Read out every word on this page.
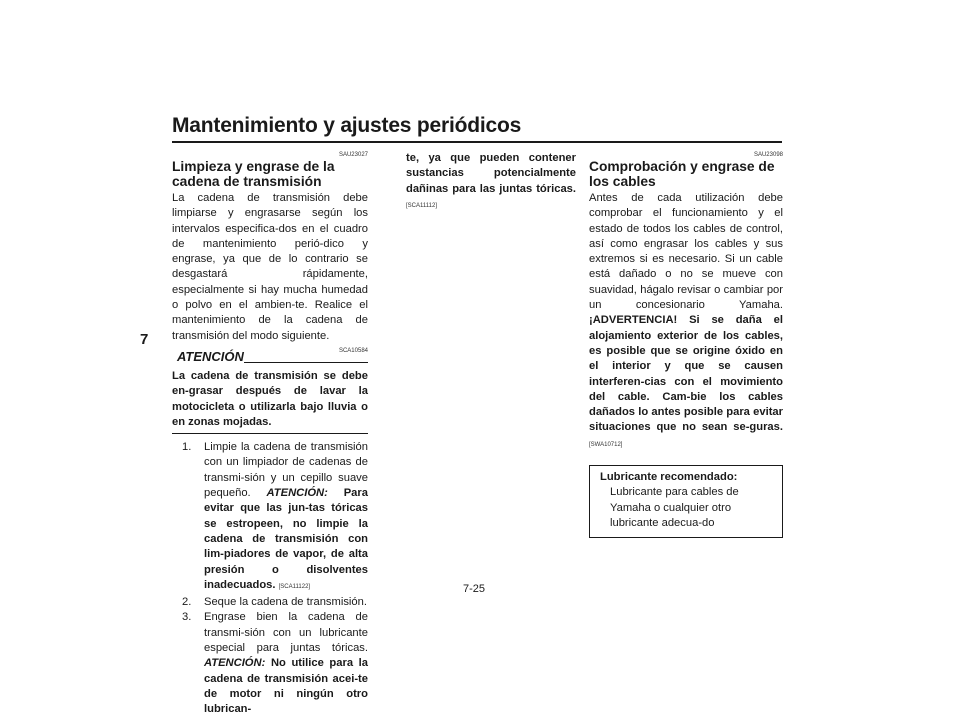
Mantenimiento y ajustes periódicos
7
SAU23027
Limpieza y engrase de la cadena de transmisión

La cadena de transmisión debe limpiarse y engrasarse según los intervalos especifica-dos en el cuadro de mantenimiento perió-dico y engrase, ya que de lo contrario se desgastará rápidamente, especialmente si hay mucha humedad o polvo en el ambien-te. Realice el mantenimiento de la cadena de transmisión del modo siguiente.

ATENCIÓN	SCA10584

La cadena de transmisión se debe en-grasar después de lavar la motocicleta o utilizarla bajo lluvia o en zonas mojadas.

1.	Limpie la cadena de transmisión con un limpiador de cadenas de transmi-sión y un cepillo suave pequeño. ATENCIÓN: Para evitar que las jun-tas tóricas se estropeen, no limpie la cadena de transmisión con lim-piadores de vapor, de alta presión o disolventes inadecuados. [SCA11122]
2.	Seque la cadena de transmisión.
3.	Engrase bien la cadena de transmi-sión con un lubricante especial para juntas tóricas. ATENCIÓN: No utilice para la cadena de transmisión acei-te de motor ni ningún otro lubrican-

te, ya que pueden contener sustancias potencialmente dañinas para las juntas tóricas. [SCA11112]

SAU23098
Comprobación y engrase de los cables

Antes de cada utilización debe comprobar el funcionamiento y el estado de todos los cables de control, así como engrasar los cables y sus extremos si es necesario. Si un cable está dañado o no se mueve con suavidad, hágalo revisar o cambiar por un concesionario Yamaha. ¡ADVERTENCIA! Si se daña el alojamiento exterior de los cables, es posible que se origine óxido en el interior y que se causen interferen-cias con el movimiento del cable. Cam-bie los cables dañados lo antes posible para evitar situaciones que no sean se-guras. [SWA10712]

Lubricante recomendado:
Lubricante para cables de Yamaha o cualquier otro lubricante adecua-do
7-25
